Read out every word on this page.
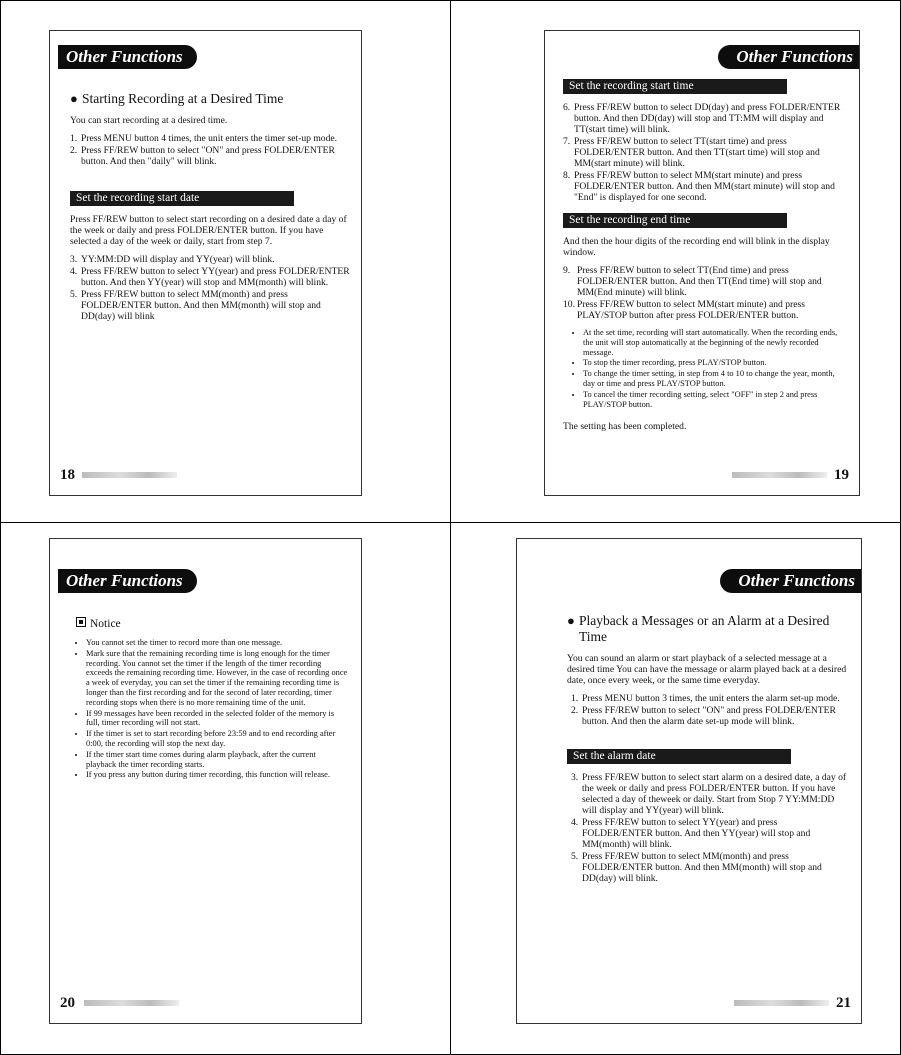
Other Functions
● Starting Recording at a Desired Time

You can start recording at a desired time.

1. Press MENU button 4 times, the unit enters the timer set-up mode.
2. Press FF/REW button to select "ON" and press FOLDER/ENTER button. And then "daily" will blink.
Set the recording start date

Press FF/REW button to select start recording on a desired date a day of the week or daily and press FOLDER/ENTER button. If you have selected a day of the week or daily, start from step 7.

3. YY:MM:DD will display and YY(year) will blink.
4. Press FF/REW button to select YY(year) and press FOLDER/ENTER button. And then YY(year) will stop and MM(month) will blink.
5. Press FF/REW button to select MM(month) and press FOLDER/ENTER button. And then MM(month) will stop and DD(day) will blink
18
Other Functions
Set the recording start time
6. Press FF/REW button to select DD(day) and press FOLDER/ENTER button. And then DD(day) will stop and TT:MM will display and TT(start time) will blink.
7. Press FF/REW button to select TT(start time) and press FOLDER/ENTER button. And then TT(start time) will stop and MM(start minute) will blink.
8. Press FF/REW button to select MM(start minute) and press FOLDER/ENTER button. And then MM(start minute) will stop and "End" is displayed for one second.
Set the recording end time

And then the hour digits of the recording end will blink in the display window.

9. Press FF/REW button to select TT(End time) and press FOLDER/ENTER button. And then TT(End time) will stop and MM(End minute) will blink.
10. Press FF/REW button to select MM(start minute) and press PLAY/STOP button after press FOLDER/ENTER button.
• At the set time, recording will start automatically. When the recording ends, the unit will stop automatically at the beginning of the newly recorded message.
• To stop the timer recording, press PLAY/STOP button.
• To change the timer setting, in step from 4 to 10 to change the year, month, day or time and press PLAY/STOP button.
• To cancel the timer recording setting, select "OFF" in step 2 and press PLAY/STOP button.

The setting has been completed.

19
Other Functions
Notice
• You cannot set the timer to record more than one message.
• Mark sure that the remaining recording time is long enough for the timer recording. You cannot set the timer if the length of the timer recording exceeds the remaining recording time. However, in the case of recording once a week of everyday, you can set the timer if the remaining recording time is longer than the first recording and for the second of later recording, timer recording stops when there is no more remaining time of the unit.
• If 99 messages have been recorded in the selected folder of the memory is full, timer recording will not start.
• If the timer is set to start recording before 23:59 and to end recording after 0:00, the recording will stop the next day.
• If the timer start time comes during alarm playback, after the current playback the timer recording starts.
• If you press any button during timer recording, this function will release.
20
Other Functions
● Playback a Messages or an Alarm at a Desired Time

You can sound an alarm or start playback of a selected message at a desired time You can have the message or alarm played back at a desired date, once every week, or the same time everyday.

1. Press MENU button 3 times, the unit enters the alarm set-up mode.
2. Press FF/REW button to select "ON" and press FOLDER/ENTER button. And then the alarm date set-up mode will blink.
Set the alarm date
3. Press FF/REW button to select start alarm on a desired date, a day of the week or daily and press FOLDER/ENTER button. If you have selected a day of theweek or daily. Start from Stop 7 YY:MM:DD will display and YY(year) will blink.
4. Press FF/REW button to select YY(year) and press FOLDER/ENTER button. And then YY(year) will stop and MM(month) will blink.
5. Press FF/REW button to select MM(month) and press FOLDER/ENTER button. And then MM(month) will stop and DD(day) will blink.
21
